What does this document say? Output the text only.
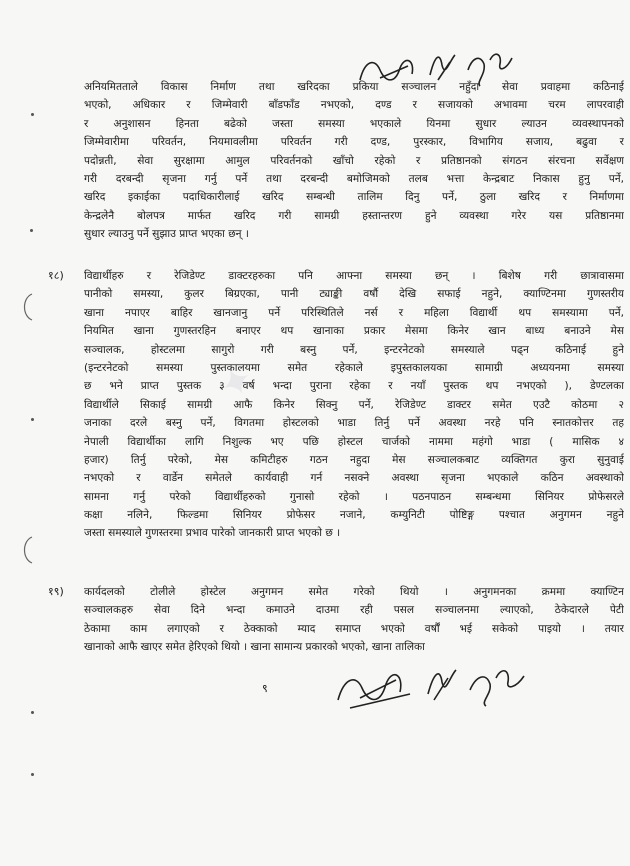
✦
अनियमितताले विकास निर्माण तथा खरिदका प्रकिया सञ्चालन नहुँदा सेवा प्रवाहमा कठिनाई
भएको, अधिकार र जिम्मेवारी बाँडफाँड नभएको, दण्ड र सजायको अभावमा चरम लापरवाही
र अनुशासन हिनता बढेको जस्ता समस्या भएकाले यिनमा सुधार ल्याउन व्यवस्थापनको
जिम्मेवारीमा परिवर्तन, नियमावलीमा परिवर्तन गरी दण्ड, पुरस्कार, विभागिय सजाय, बढुवा र
पदोन्नती, सेवा सुरक्षामा आमुल परिवर्तनको खाँचो रहेको र प्रतिष्ठानको संगठन संरचना सर्वेक्षण
गरी दरबन्दी सृजना गर्नु पर्ने तथा दरबन्दी बमोजिमको तलब भत्ता केन्द्रबाट निकास हुनु पर्ने,
खरिद इकाईका पदाधिकारीलाई खरिद सम्बन्धी तालिम दिनु पर्ने, ठुला खरिद र निर्माणमा
केन्द्रलेनै बोलपत्र मार्फत खरिद गरी सामग्री हस्तान्तरण हुने व्यवस्था गरेर यस प्रतिष्ठानमा
सुधार ल्याउनु पर्ने सुझाउ प्राप्त भएका छन् ।
१८) विद्यार्थीहरु र रेजिडेण्ट डाक्टरहरुका पनि आफ्ना समस्या छन् । बिशेष गरी छात्रावासमा
पानीको समस्या, कुलर बिग्रएका, पानी ट्याङ्की वर्षौ देखि सफाई नहुने, क्याण्टिनमा गुणस्तरीय
खाना नपाएर बाहिर खानजानु पर्ने परिस्थितिले नर्स र महिला विद्यार्थी थप समस्यामा पर्ने,
नियमित खाना गुणस्तरहिन बनाएर थप खानाका प्रकार मेसमा किनेर खान बाध्य बनाउने मेस
सञ्चालक, होस्टलमा सागुरो गरी बस्नु पर्ने, इन्टरनेटको समस्याले पढ्न कठिनाई हुने
(इन्टरनेटको समस्या पुस्तकालयमा समेत रहेकाले इपुस्तकालयका सामाग्री अध्ययनमा समस्या
छ भने प्राप्त पुस्तक ३ वर्ष भन्दा पुराना रहेका र नयाँ पुस्तक थप नभएको ), डेण्टलका
विद्यार्थीले सिकाई सामग्री आफै किनेर सिक्नु पर्ने, रेजिडेण्ट डाक्टर समेत एउटै कोठमा २
जनाका दरले बस्नु पर्ने, विगतमा होस्टलको भाडा तिर्नु पर्ने अवस्था नरहे पनि स्नातकोत्तर तह
नेपाली विद्यार्थीका लागि निशुल्क भए पछि होस्टल चार्जको नाममा महंगो भाडा ( मासिक ४
हजार) तिर्नु परेको, मेस कमिटीहरु गठन नहुदा मेस सञ्चालकबाट व्यक्तिगत कुरा सुनुवाई
नभएको र वार्डेन समेतले कार्यवाही गर्न नसक्ने अवस्था सृजना भएकाले कठिन अवस्थाको
सामना गर्नु परेको विद्यार्थीहरुको गुनासो रहेको । पठनपाठन सम्बन्धमा सिनियर प्रोफेसरले
कक्षा नलिने, फिल्डमा सिनियर प्रोफेसर नजाने, कम्युनिटी पोष्टिङ्ग पश्चात अनुगमन नहुने
जस्ता समस्याले गुणस्तरमा प्रभाव पारेको जानकारी प्राप्त भएको छ ।
१९) कार्यदलको टोलीले होस्टेल अनुगमन समेत गरेको थियो । अनुगमनका क्रममा क्याण्टिन
सञ्चालकहरु सेवा दिने भन्दा कमाउने दाउमा रही पसल सञ्चालनमा ल्याएको, ठेकेदारले पेटी
ठेकामा काम लगाएको र ठेक्काको म्याद समाप्त भएको वर्षौं भई सकेको पाइयो । तयार
खानाको आफै खाएर समेत हेरिएको थियो । खाना सामान्य प्रकारको भएको, खाना तालिका
९
